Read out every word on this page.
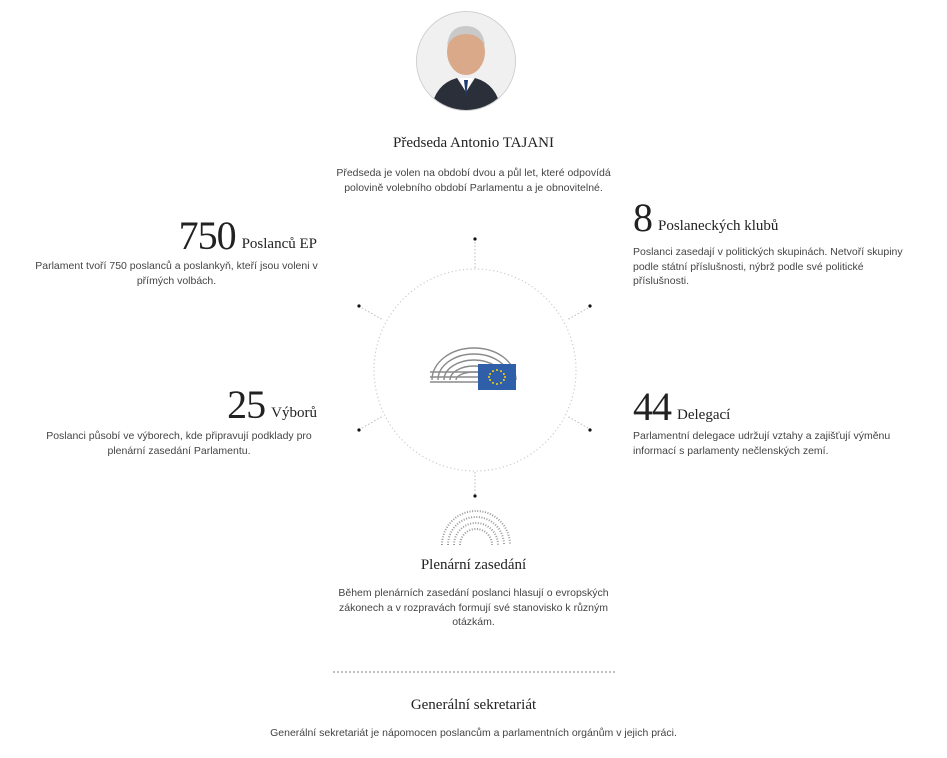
Předseda Antonio TAJANI
Předseda je volen na období dvou a půl let, které odpovídá polovině volebního období Parlamentu a je obnovitelné.
750 Poslanců EP
Parlament tvoří 750 poslanců a poslankyň, kteří jsou voleni v přímých volbách.
8 Poslaneckých klubů
Poslanci zasedají v politických skupinách. Netvoří skupiny podle státní příslušnosti, nýbrž podle své politické příslušnosti.
25 Výborů
Poslanci působí ve výborech, kde připravují podklady pro plenární zasedání Parlamentu.
44 Delegací
Parlamentní delegace udržují vztahy a zajišťují výměnu informací s parlamenty nečlenských zemí.
Plenární zasedání
Během plenárních zasedání poslanci hlasují o evropských zákonech a v rozpravách formují své stanovisko k různým otázkám.
Generální sekretariát
Generální sekretariát je nápomocen poslancům a parlamentních orgánům v jejich práci.
